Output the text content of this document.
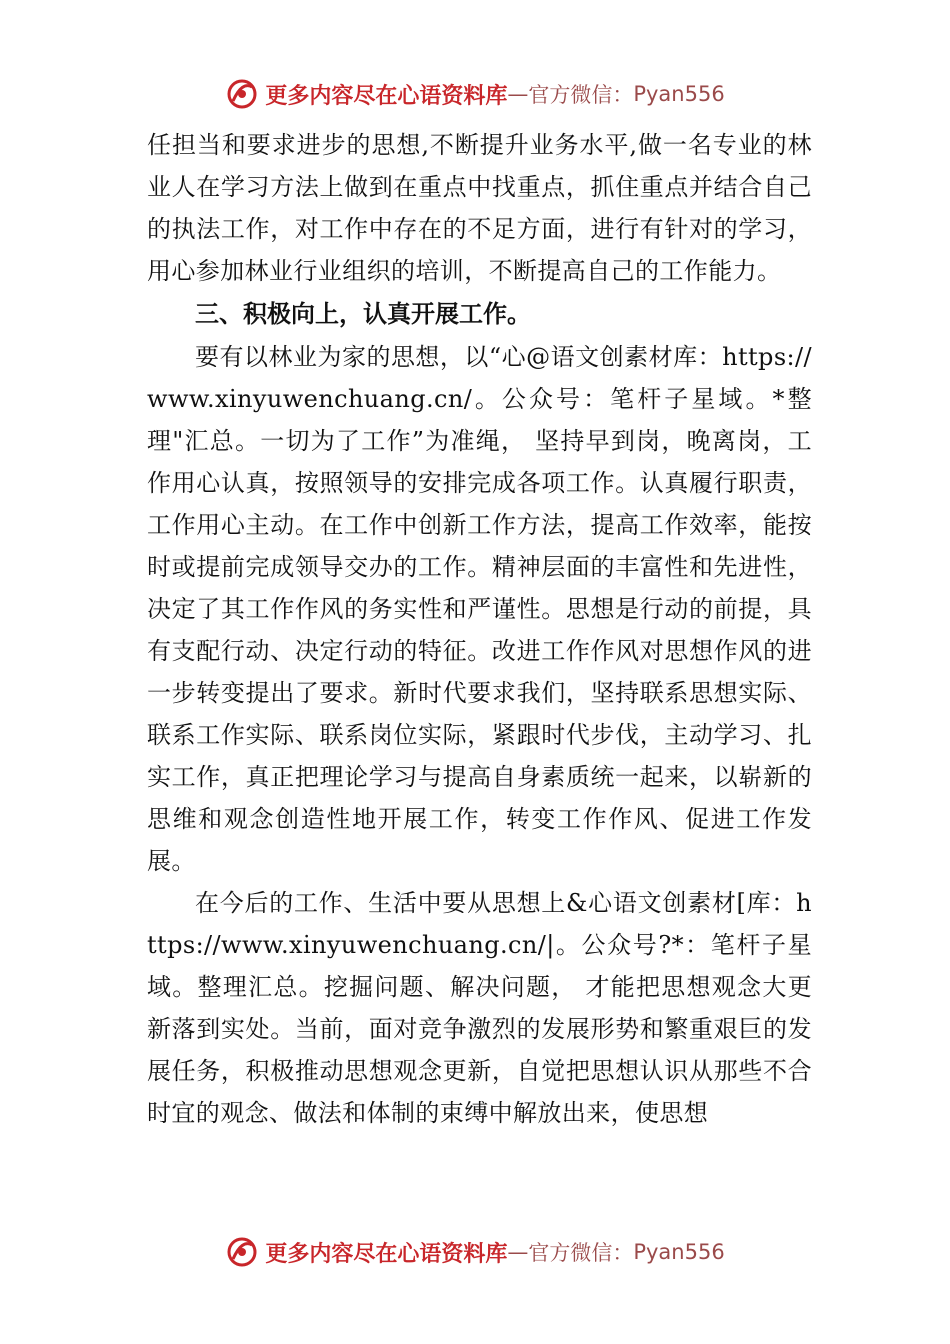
更多内容尽在心语资料库 — 官方微信： Pyan556

任担当和要求进步的思想,不断提升业务水平,做一名专业的林业人在学习方法上做到在重点中找重点，抓住重点并结合自己的执法工作，对工作中存在的不足方面，进行有针对的学习，用心参加林业行业组织的培训，不断提高自己的工作能力。

三、积极向上，认真开展工作。

要有以林业为家的思想，以“心@语文创素材库：https://www.xinyuwenchuang.cn/。公众号：笔杆子星域。*整理"汇总。一切为了工作”为准绳， 坚持早到岗，晚离岗，工作用心认真，按照领导的安排完成各项工作。认真履行职责，工作用心主动。在工作中创新工作方法，提高工作效率，能按时或提前完成领导交办的工作。精神层面的丰富性和先进性，决定了其工作作风的务实性和严谨性。思想是行动的前提，具有支配行动、决定行动的特征。改进工作作风对思想作风的进一步转变提出了要求。新时代要求我们，坚持联系思想实际、联系工作实际、联系岗位实际，紧跟时代步伐，主动学习、扎实工作，真正把理论学习与提高自身素质统一起来，以崭新的思维和观念创造性地开展工作，转变工作作风、促进工作发展。

在今后的工作、生活中要从思想上&心语文创素材[库：https://www.xinyuwenchuang.cn/|。公众号?*：笔杆子星域。整理汇总。挖掘问题、解决问题， 才能把思想观念大更新落到实处。当前，面对竞争激烈的发展形势和繁重艰巨的发展任务，积极推动思想观念更新，自觉把思想认识从那些不合时宜的观念、做法和体制的束缚中解放出来，使思想

更多内容尽在心语资料库 — 官方微信： Pyan556
